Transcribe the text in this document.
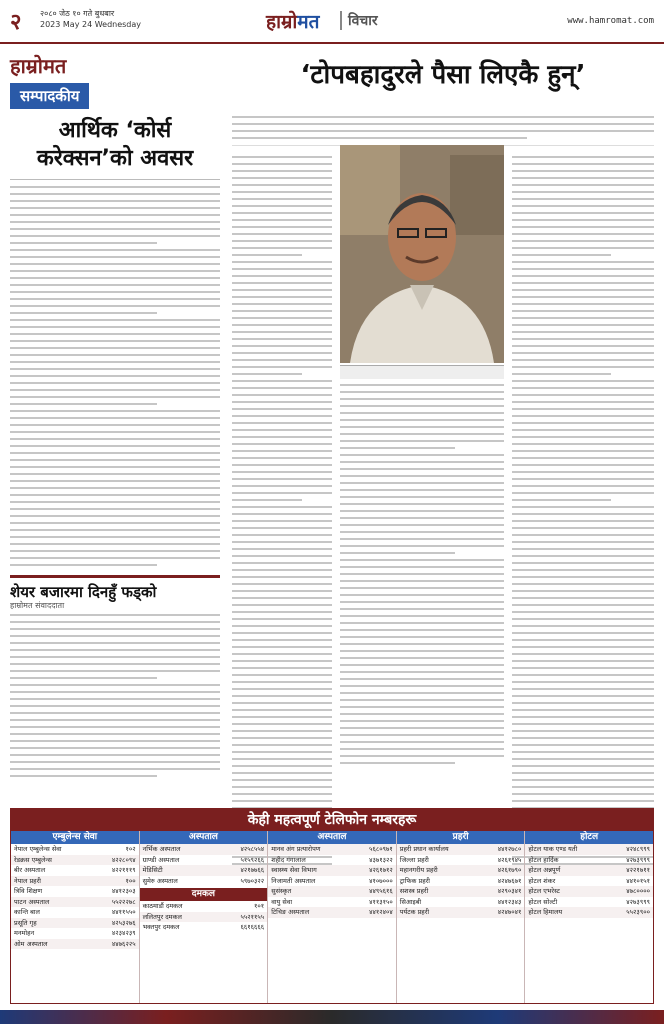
२ २०८० जेठ १० गते बुधबार
2023 May 24 Wednesday	हाम्रोमत	विचार	www.hamromat.com
हाम्रोमत
सम्पादकीय
आर्थिक ‘कोर्स करेक्सन’को अवसर
‘टोपबहादुरले पैसा लिएकै हुन्’
शेयर बजारमा दिनहुँ फड्को
हाम्रोमत संवाददाता
केही महत्वपूर्ण टेलिफोन नम्बरहरू
एम्बुलेन्स सेवा
नेपाल एम्बुलेन्स सेवा	१०२
रेडक्रस एम्बुलेन्स	४२२८०९४
बीर अस्पताल	४२२१११९
नेपाल प्रहरी	१००
त्रिवि शिक्षण	४४१२३०३
पाटन अस्पताल	५५२२२७८
कान्ति बाल	४४११५५०
प्रसूति गृह	४२५३२७६
मनमोहन	४२३४२३९
ओम अस्पताल	४४७६२२५
अस्पताल
नर्भिक अस्पताल	४२५८५५४
ग्राण्डी अस्पताल	५१५९२६६
मेडिसिटी	४२१७७६६
सुमेरु अस्पताल	५९७०३२२
दमकल
काठमाडौं दमकल	१०१
ललितपुर दमकल	५५२११५५
भक्तपुर दमकल	६६१६६६६
अस्पताल
मानव अंग प्रत्यारोपण	५६८०९७१
शहीद गंगालाल	४३७१३२२
स्वास्थ्य सेवा विभाग	४२६१७१२
निजामती अस्पताल	४१०७०००
सुसंस्कृत	४४९५६१६
वायु सेवा	४११३१५०
टिचिङ अस्पताल	४४१२४०४
प्रहरी
प्रहरी प्रधान कार्यालय	४४१२७८०
जिल्ला प्रहरी	४२६१९४५
महानगरीय प्रहरी	४२६१७९०
ट्राफिक प्रहरी	४२४७६७१
सशस्त्र प्रहरी	४२९०३४१
सिआइबी	४४१२३४३
पर्यटक प्रहरी	४२४७०४१
होटल
होटल याक एण्ड यती	४२४८९९९
होटल हार्दिक	४२७३९९९
होटल अन्नपूर्ण	४२२१७११
होटल शंकर	४४१०१५१
होटल एभरेस्ट	४७८००००
होटल सोल्टी	४२७३९९९
होटल हिमालय	५५२३९००
